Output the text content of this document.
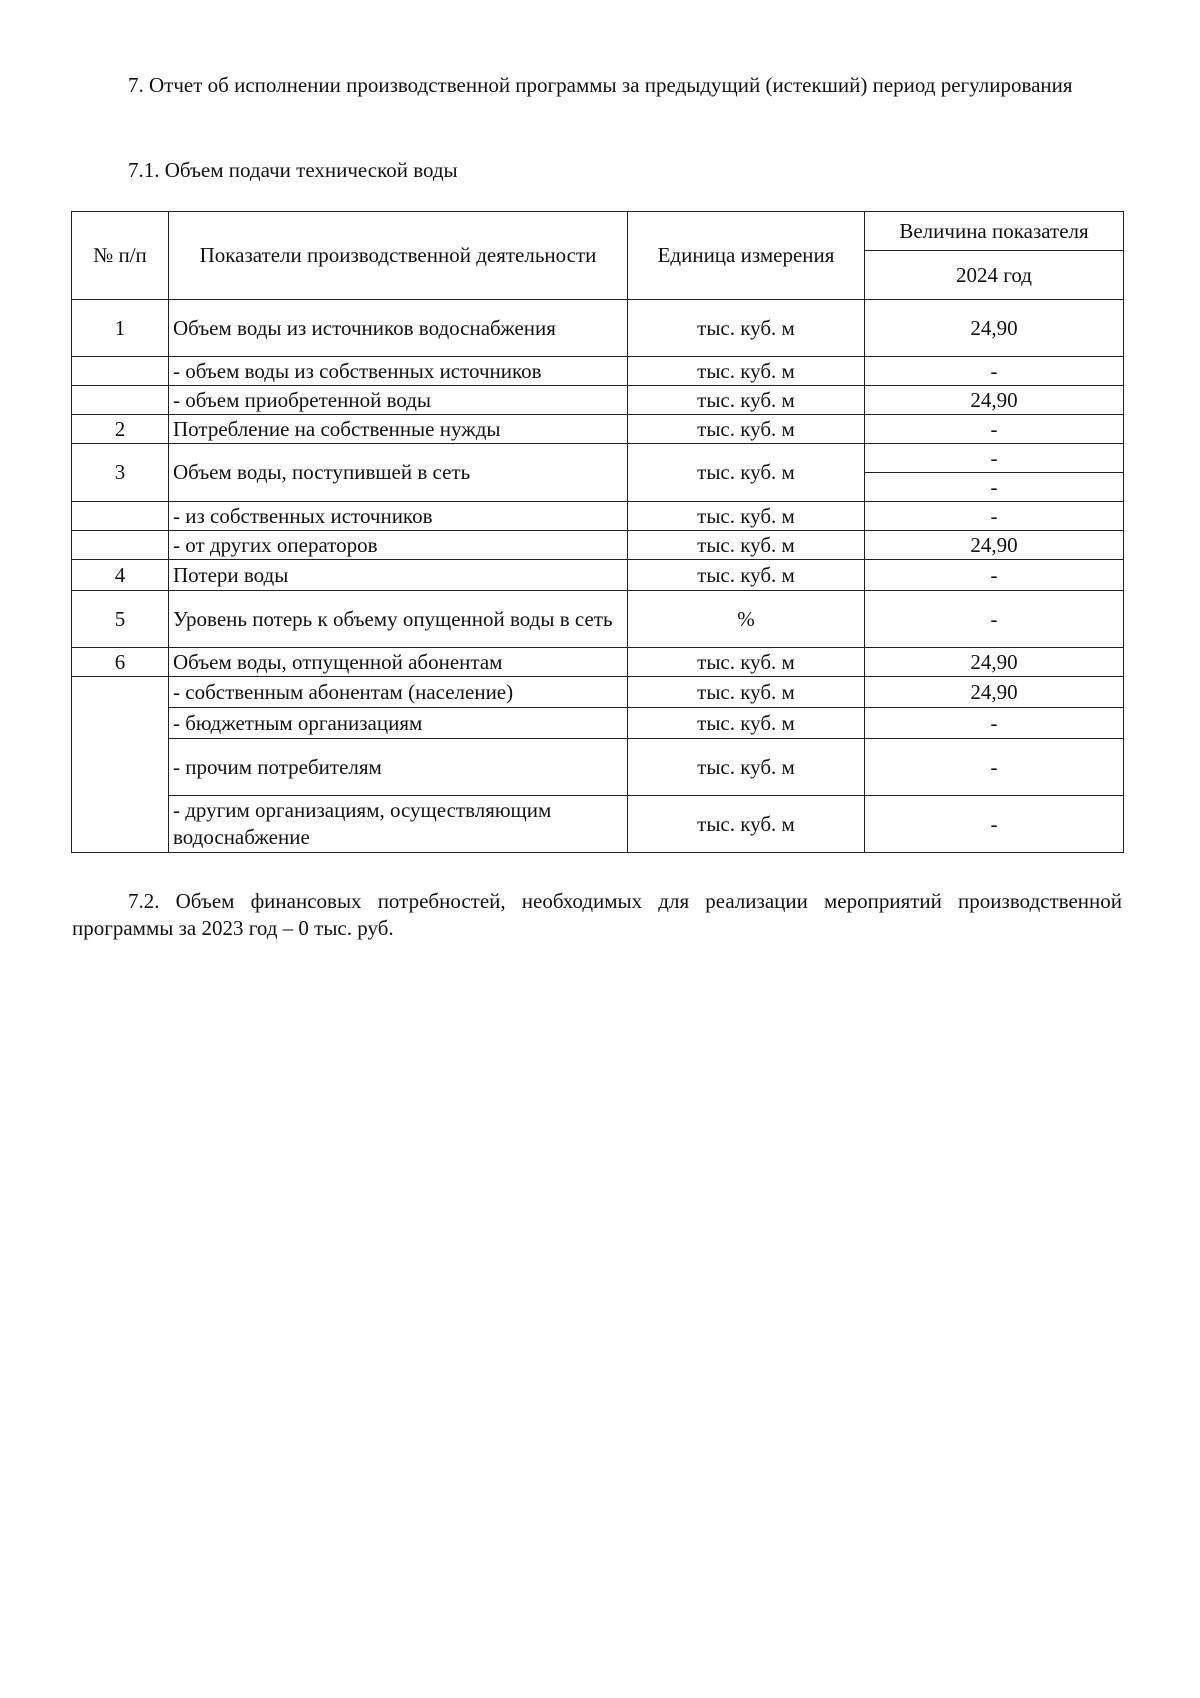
7. Отчет об исполнении производственной программы за предыдущий (истекший) период регулирования

7.1. Объем подачи технической воды

№ п/п	Показатели производственной деятельности	Единица измерения	Величина показателя
			2024 год
1	Объем воды из источников водоснабжения	тыс. куб. м	24,90
	- объем воды из собственных источников	тыс. куб. м	-
	- объем приобретенной воды	тыс. куб. м	24,90
2	Потребление на собственные нужды	тыс. куб. м	-
3	Объем воды, поступившей в сеть	тыс. куб. м	-
			-
	- из собственных источников	тыс. куб. м	-
	- от других операторов	тыс. куб. м	24,90
4	Потери воды	тыс. куб. м	-
5	Уровень потерь к объему опущенной воды в сеть	%	-
6	Объем воды, отпущенной абонентам	тыс. куб. м	24,90
	- собственным абонентам (население)	тыс. куб. м	24,90
	- бюджетным организациям	тыс. куб. м	-
	- прочим потребителям	тыс. куб. м	-
	- другим организациям, осуществляющим водоснабжение	тыс. куб. м	-

7.2. Объем финансовых потребностей, необходимых для реализации мероприятий производственной программы за 2023 год – 0 тыс. руб.
